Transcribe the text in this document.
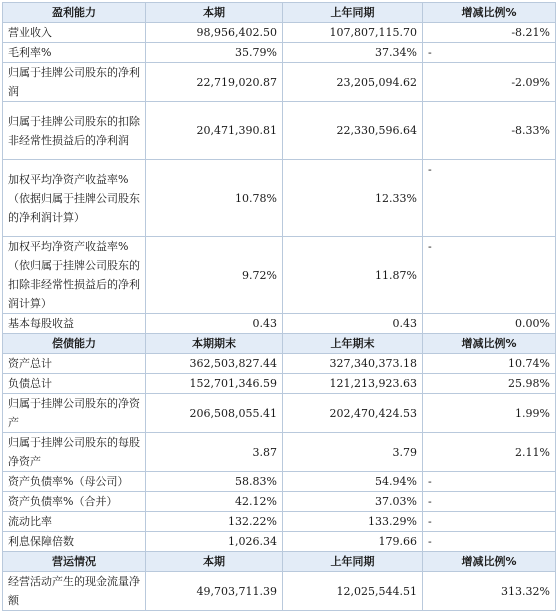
盈利能力	本期	上年同期	增减比例%
营业收入	98,956,402.50	107,807,115.70	-8.21%
毛利率%	35.79%	37.34%	-
归属于挂牌公司股东的净利润	22,719,020.87	23,205,094.62	-2.09%
归属于挂牌公司股东的扣除非经常性损益后的净利润	20,471,390.81	22,330,596.64	-8.33%
加权平均净资产收益率%（依据归属于挂牌公司股东的净利润计算）	10.78%	12.33%	-
加权平均净资产收益率%（依归属于挂牌公司股东的扣除非经常性损益后的净利润计算）	9.72%	11.87%	-
基本每股收益	0.43	0.43	0.00%
偿债能力	本期期末	上年期末	增减比例%
资产总计	362,503,827.44	327,340,373.18	10.74%
负债总计	152,701,346.59	121,213,923.63	25.98%
归属于挂牌公司股东的净资产	206,508,055.41	202,470,424.53	1.99%
归属于挂牌公司股东的每股净资产	3.87	3.79	2.11%
资产负债率%（母公司）	58.83%	54.94%	-
资产负债率%（合并）	42.12%	37.03%	-
流动比率	132.22%	133.29%	-
利息保障倍数	1,026.34	179.66	-
营运情况	本期	上年同期	增减比例%
经营活动产生的现金流量净额	49,703,711.39	12,025,544.51	313.32%
